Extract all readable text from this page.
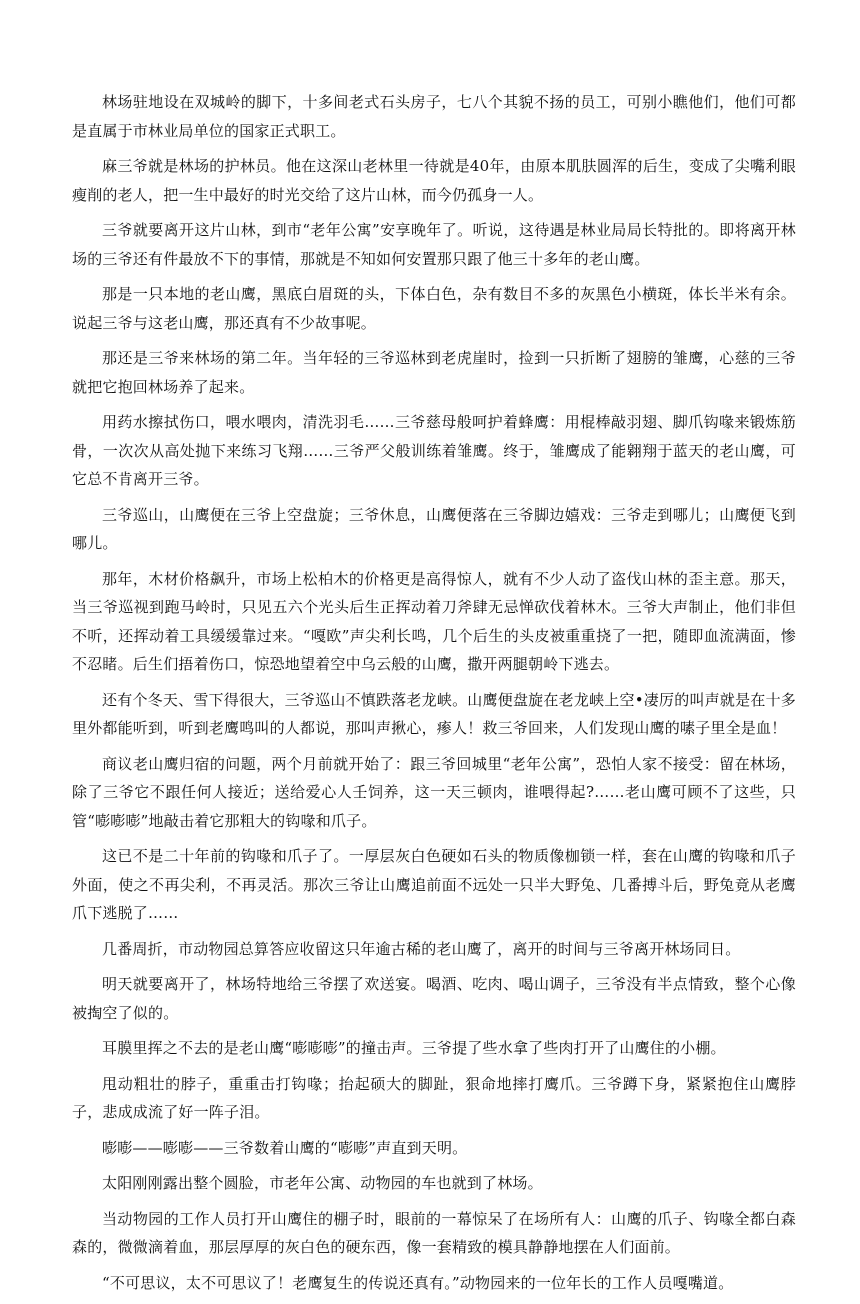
林场驻地设在双城岭的脚下，十多间老式石头房子，七八个其貌不扬的员工，可别小瞧他们，他们可都是直属于市林业局单位的国家正式职工。

麻三爷就是林场的护林员。他在这深山老林里一待就是40年，由原本肌肤圆浑的后生，变成了尖嘴利眼瘦削的老人，把一生中最好的时光交给了这片山林，而今仍孤身一人。

三爷就要离开这片山林，到市“老年公寓”安享晚年了。听说，这待遇是林业局局长特批的。即将离开林场的三爷还有件最放不下的事情，那就是不知如何安置那只跟了他三十多年的老山鹰。

那是一只本地的老山鹰，黑底白眉斑的头，下体白色，杂有数目不多的灰黑色小横斑，体长半米有余。说起三爷与这老山鹰，那还真有不少故事呢。

那还是三爷来林场的第二年。当年轻的三爷巡林到老虎崖时，捡到一只折断了翅膀的雏鹰，心慈的三爷就把它抱回林场养了起来。

用药水擦拭伤口，喂水喂肉，清洗羽毛……三爷慈母般呵护着蜂鹰：用棍棒敲羽翅、脚爪钩喙来锻炼筋骨，一次次从高处抛下来练习飞翔……三爷严父般训练着雏鹰。终于，雏鹰成了能翱翔于蓝天的老山鹰，可它总不肯离开三爷。

三爷巡山，山鹰便在三爷上空盘旋；三爷休息，山鹰便落在三爷脚边嬉戏：三爷走到哪儿；山鹰便飞到哪儿。

那年，木材价格飙升，市场上松柏木的价格更是高得惊人，就有不少人动了盗伐山林的歪主意。那天，当三爷巡视到跑马岭时，只见五六个光头后生正挥动着刀斧肆无忌惮砍伐着林木。三爷大声制止，他们非但不听，还挥动着工具缓缓靠过来。“嘎欧”声尖利长鸣，几个后生的头皮被重重挠了一把，随即血流满面，惨不忍睹。后生们捂着伤口，惊恐地望着空中乌云般的山鹰，撒开两腿朝岭下逃去。

还有个冬天、雪下得很大，三爷巡山不慎跌落老龙峡。山鹰便盘旋在老龙峡上空•凄厉的叫声就是在十多里外都能听到，听到老鹰鸣叫的人都说，那叫声揪心，瘆人！救三爷回来，人们发现山鹰的嗉子里全是血！

商议老山鹰归宿的问题，两个月前就开始了：跟三爷回城里“老年公寓”，恐怕人家不接受：留在林场，除了三爷它不跟任何人接近；送给爱心人壬饲养，这一天三顿肉，谁喂得起?……老山鹰可顾不了这些，只管“嘭嘭嘭”地敲击着它那粗大的钩喙和爪子。

这已不是二十年前的钩喙和爪子了。一厚层灰白色硬如石头的物质像枷锁一样，套在山鹰的钩喙和爪子外面，使之不再尖利，不再灵活。那次三爷让山鹰追前面不远处一只半大野兔、几番搏斗后，野兔竟从老鹰爪下逃脱了……

几番周折，市动物园总算答应收留这只年逾古稀的老山鹰了，离开的时间与三爷离开林场同日。

明天就要离开了，林场特地给三爷摆了欢送宴。喝酒、吃肉、喝山调子，三爷没有半点情致，整个心像被掏空了似的。

耳膜里挥之不去的是老山鹰“嘭嘭嘭”的撞击声。三爷提了些水拿了些肉打开了山鹰住的小棚。

甩动粗壮的脖子，重重击打钩喙；抬起硕大的脚趾，狠命地摔打鹰爪。三爷蹲下身，紧紧抱住山鹰脖子，悲成成流了好一阵子泪。

嘭嘭——嘭嘭——三爷数着山鹰的“嘭嘭”声直到天明。

太阳刚刚露出整个圆脸，市老年公寓、动物园的车也就到了林场。

当动物园的工作人员打开山鹰住的棚子时，眼前的一幕惊呆了在场所有人：山鹰的爪子、钩喙全都白森森的，微微滴着血，那层厚厚的灰白色的硬东西，像一套精致的模具静静地摆在人们面前。

“不可思议，太不可思议了！老鹰复生的传说还真有。”动物园来的一位年长的工作人员嘎嘴道。
